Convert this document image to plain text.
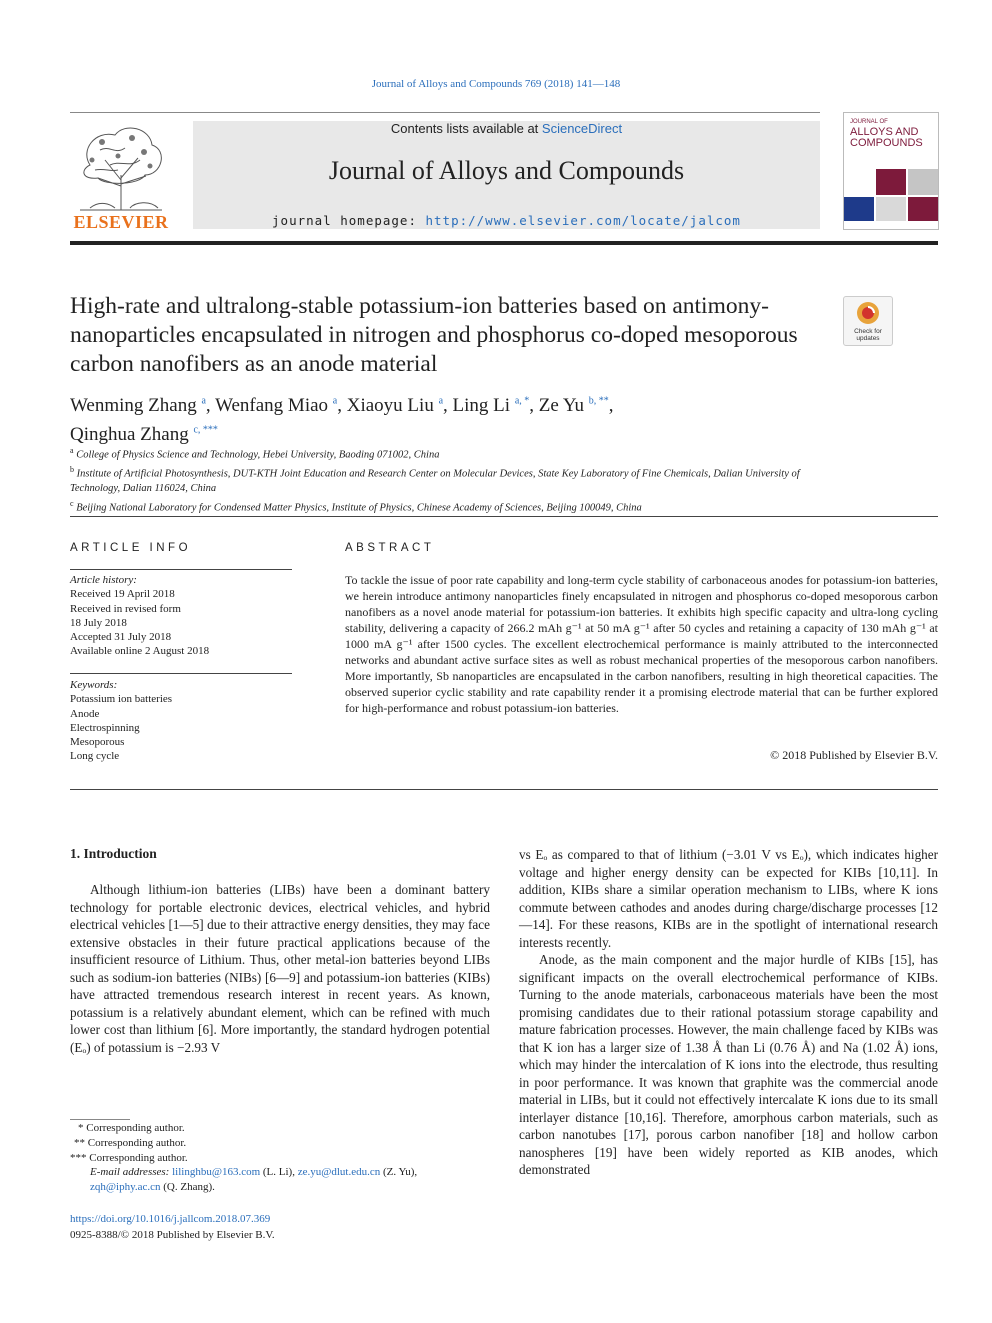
Journal of Alloys and Compounds 769 (2018) 141—148
ELSEVIER
Contents lists available at ScienceDirect
Journal of Alloys and Compounds
journal homepage: http://www.elsevier.com/locate/jalcom
JOURNAL OF
ALLOYS AND COMPOUNDS
High-rate and ultralong-stable potassium-ion batteries based on antimony-nanoparticles encapsulated in nitrogen and phosphorus co-doped mesoporous carbon nanofibers as an anode material
Check for
updates
Wenming Zhang $^a$, Wenfang Miao $^a$, Xiaoyu Liu $^a$, Ling Li $^{a, *}$, Ze Yu $^{b, **}$,
Qinghua Zhang $^{c, ***}$
$^a$ College of Physics Science and Technology, Hebei University, Baoding 071002, China
$^b$ Institute of Artificial Photosynthesis, DUT-KTH Joint Education and Research Center on Molecular Devices, State Key Laboratory of Fine Chemicals, Dalian University of Technology, Dalian 116024, China
$^c$ Beijing National Laboratory for Condensed Matter Physics, Institute of Physics, Chinese Academy of Sciences, Beijing 100049, China
ARTICLE INFO
Article history:
Received 19 April 2018
Received in revised form
18 July 2018
Accepted 31 July 2018
Available online 2 August 2018
Keywords:
Potassium ion batteries
Anode
Electrospinning
Mesoporous
Long cycle
ABSTRACT
To tackle the issue of poor rate capability and long-term cycle stability of carbonaceous anodes for potassium-ion batteries, we herein introduce antimony nanoparticles finely encapsulated in nitrogen and phosphorus co-doped mesoporous carbon nanofibers as a novel anode material for potassium-ion batteries. It exhibits high specific capacity and ultra-long cycling stability, delivering a capacity of 266.2 mAh g⁻¹ at 50 mA g⁻¹ after 50 cycles and retaining a capacity of 130 mAh g⁻¹ at 1000 mA g⁻¹ after 1500 cycles. The excellent electrochemical performance is mainly attributed to the interconnected networks and abundant active surface sites as well as robust mechanical properties of the mesoporous carbon nanofibers. More importantly, Sb nanoparticles are encapsulated in the carbon nanofibers, resulting in high theoretical capacities. The observed superior cyclic stability and rate capability render it a promising electrode material that can be further explored for high-performance and robust potassium-ion batteries.
© 2018 Published by Elsevier B.V.
1. Introduction

Although lithium-ion batteries (LIBs) have been a dominant battery technology for portable electronic devices, electrical vehicles, and hybrid electrical vehicles [1—5] due to their attractive energy densities, they may face extensive obstacles in their future practical applications because of the insufficient resource of Lithium. Thus, other metal-ion batteries beyond LIBs such as sodium-ion batteries (NIBs) [6—9] and potassium-ion batteries (KIBs) have attracted tremendous research interest in recent years. As known, potassium is a relatively abundant element, which can be refined with much lower cost than lithium [6]. More importantly, the standard hydrogen potential (Eₒ) of potassium is −2.93 V

vs Eₒ as compared to that of lithium (−3.01 V vs Eₒ), which indicates higher voltage and higher energy density can be expected for KIBs [10,11]. In addition, KIBs share a similar operation mechanism to LIBs, where K ions commute between cathodes and anodes during charge/discharge processes [12—14]. For these reasons, KIBs are in the spotlight of international research interests recently.

Anode, as the main component and the major hurdle of KIBs [15], has significant impacts on the overall electrochemical performance of KIBs. Turning to the anode materials, carbonaceous materials have been the most promising candidates due to their rational potassium storage capability and mature fabrication processes. However, the main challenge faced by KIBs was that K ion has a larger size of 1.38 Å than Li (0.76 Å) and Na (1.02 Å) ions, which may hinder the intercalation of K ions into the electrode, thus resulting in poor performance. It was known that graphite was the commercial anode material in LIBs, but it could not effectively intercalate K ions due to its small interlayer distance [10,16]. Therefore, amorphous carbon materials, such as carbon nanotubes [17], porous carbon nanofiber [18] and hollow carbon nanospheres [19] have been widely reported as KIB anodes, which demonstrated

* Corresponding author.
** Corresponding author.
*** Corresponding author.
E-mail addresses: lilinghbu@163.com (L. Li), ze.yu@dlut.edu.cn (Z. Yu), zqh@iphy.ac.cn (Q. Zhang).
https://doi.org/10.1016/j.jallcom.2018.07.369
0925-8388/© 2018 Published by Elsevier B.V.
